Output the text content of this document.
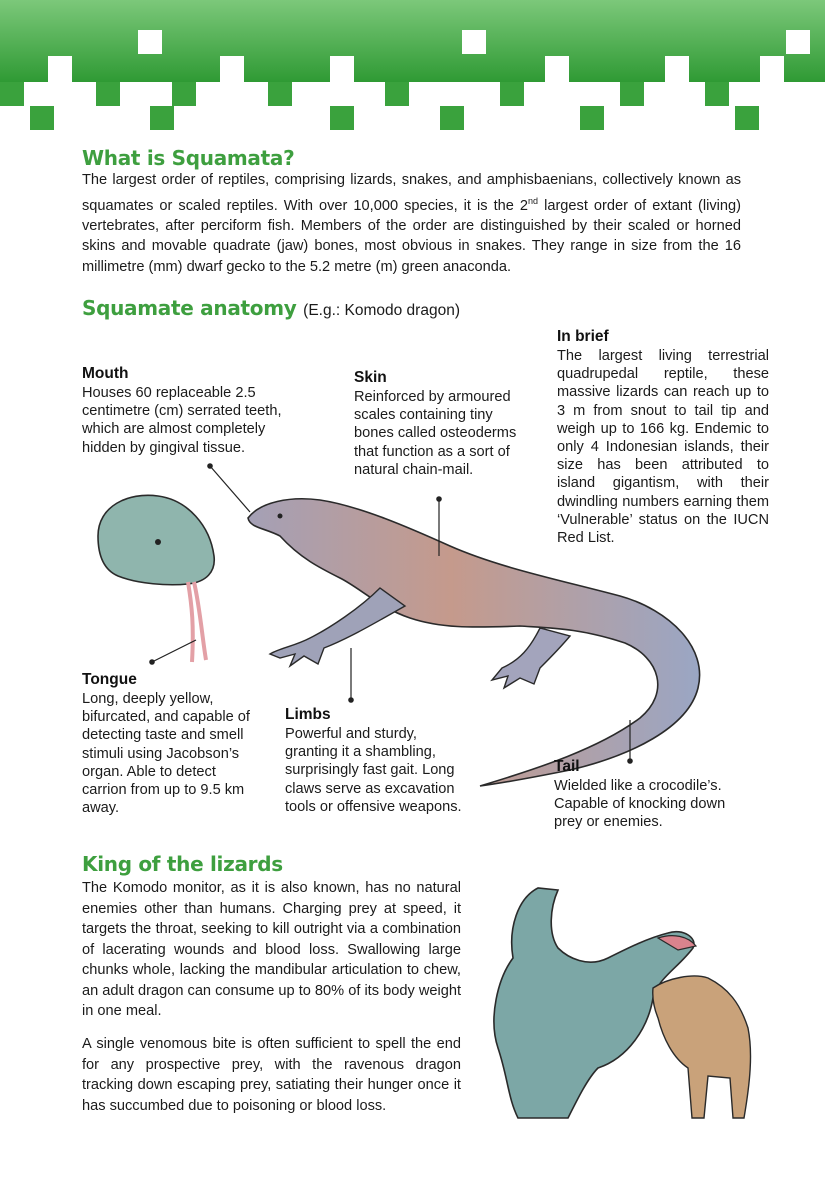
What is Squamata?

The largest order of reptiles, comprising lizards, snakes, and amphisbaenians, collectively known as squamates or scaled reptiles. With over 10,000 species, it is the 2nd largest order of extant (living) vertebrates, after perciform fish. Members of the order are distinguished by their scaled or horned skins and movable quadrate (jaw) bones, most obvious in snakes. They range in size from the 16 millimetre (mm) dwarf gecko to the 5.2 metre (m) green anaconda.

Squamate anatomy (E.g.: Komodo dragon)
Mouth

Houses 60 replaceable 2.5 centimetre (cm) serrated teeth, which are almost completely hidden by gingival tissue.

Skin

Reinforced by armoured scales containing tiny bones called osteoderms that function as a sort of natural chain-mail.

In brief

The largest living terrestrial quadrupedal reptile, these massive lizards can reach up to 3 m from snout to tail tip and weigh up to 166 kg. Endemic to only 4 Indonesian islands, their size has been attributed to island gigantism, with their dwindling numbers earning them ‘Vulnerable’ status on the IUCN Red List.

Tongue

Long, deeply yellow, bifurcated, and capable of detecting taste and smell stimuli using Jacobson’s organ. Able to detect carrion from up to 9.5 km away.

Limbs

Powerful and sturdy, granting it a shambling, surprisingly fast gait. Long claws serve as excavation tools or offensive weapons.

Tail

Wielded like a crocodile’s. Capable of knocking down prey or enemies.

King of the lizards

The Komodo monitor, as it is also known, has no natural enemies other than humans. Charging prey at speed, it targets the throat, seeking to kill outright via a combination of lacerating wounds and blood loss. Swallowing large chunks whole, lacking the mandibular articulation to chew, an adult dragon can consume up to 80% of its body weight in one meal.

A single venomous bite is often sufficient to spell the end for any prospective prey, with the ravenous dragon tracking down escaping prey, satiating their hunger once it has succumbed due to poisoning or blood loss.
